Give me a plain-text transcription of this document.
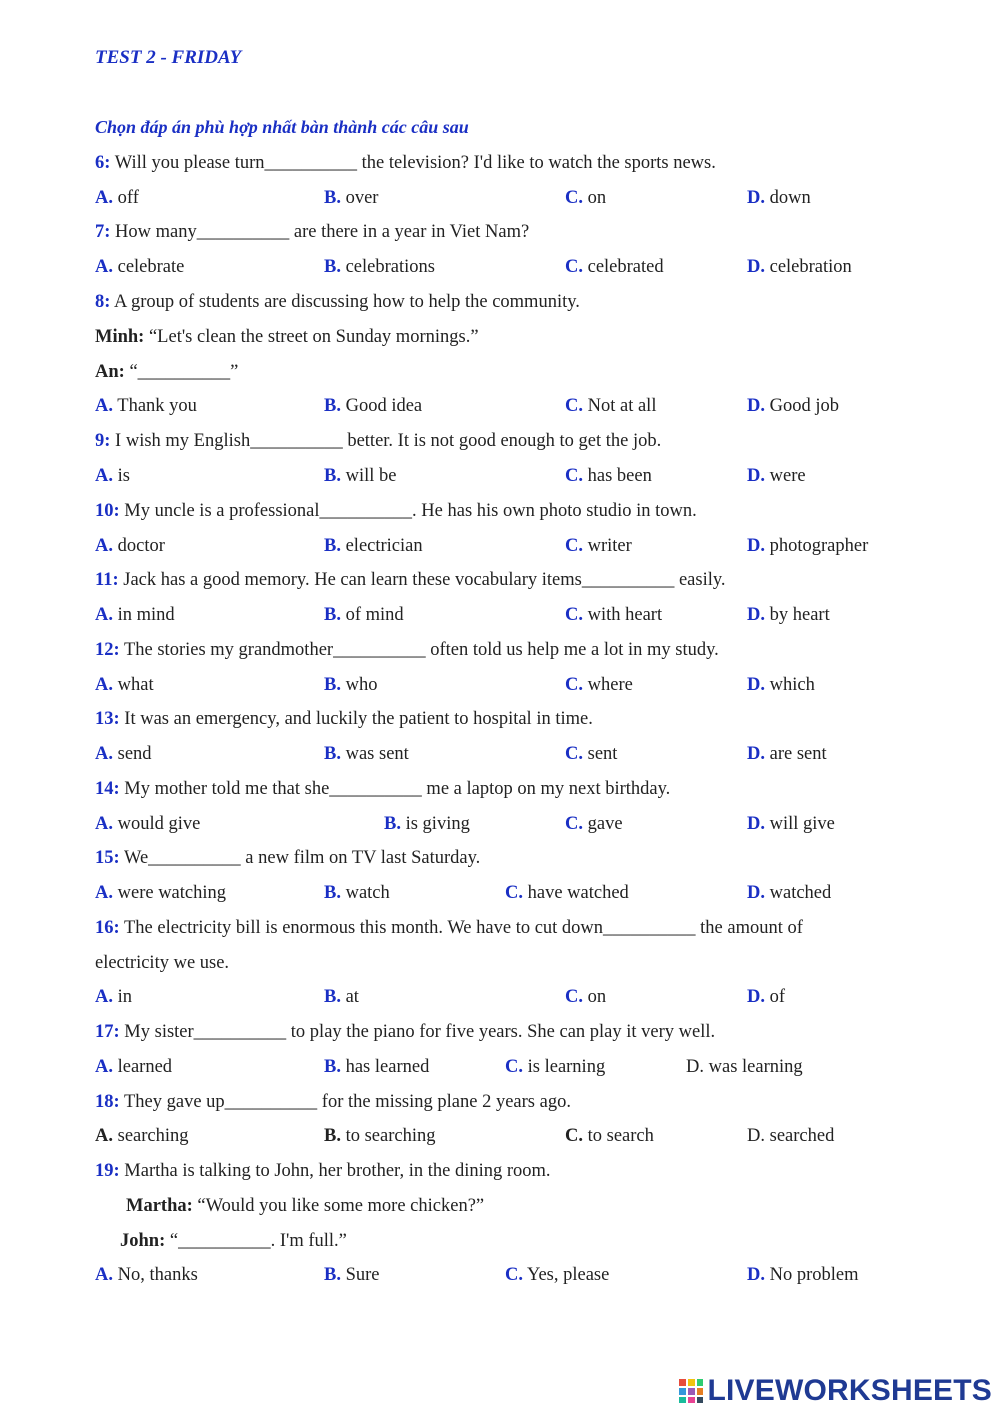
TEST 2 - FRIDAY
Chọn đáp án phù hợp nhất bàn thành các câu sau
6: Will you please turn__________ the television? I'd like to watch the sports news.
A. off	B. over	C. on	D. down
7: How many__________ are there in a year in Viet Nam?
A. celebrate	B. celebrations	C. celebrated	D. celebration
8: A group of students are discussing how to help the community.
Minh: “Let's clean the street on Sunday mornings.”
An: “__________”
A. Thank you	B. Good idea	C. Not at all	D. Good job
9: I wish my English__________ better. It is not good enough to get the job.
A. is	B. will be	C. has been	D. were
10: My uncle is a professional__________. He has his own photo studio in town.
A. doctor	B. electrician	C. writer	D. photographer
11: Jack has a good memory. He can learn these vocabulary items__________ easily.
A. in mind	B. of mind	C. with heart	D. by heart
12: The stories my grandmother__________ often told us help me a lot in my study.
A. what	B. who	C. where	D. which
13: It was an emergency, and luckily the patient to hospital in time.
A. send	B. was sent	C. sent	D. are sent
14: My mother told me that she__________ me a laptop on my next birthday.
A. would give	B. is giving	C. gave	D. will give
15: We__________ a new film on TV last Saturday.
A. were watching	B. watch	C. have watched	D. watched
16: The electricity bill is enormous this month. We have to cut down__________ the amount of
electricity we use.
A. in	B. at	C. on	D. of
17: My sister__________ to play the piano for five years. She can play it very well.
A. learned	B. has learned	C. is learning	D. was learning
18: They gave up__________ for the missing plane 2 years ago.
A. searching	B. to searching	C. to search	D. searched
19: Martha is talking to John, her brother, in the dining room.
Martha: “Would you like some more chicken?”
John: “__________. I'm full.”
A. No, thanks	B. Sure	C. Yes, please	D. No problem
LIVEWORKSHEETS
